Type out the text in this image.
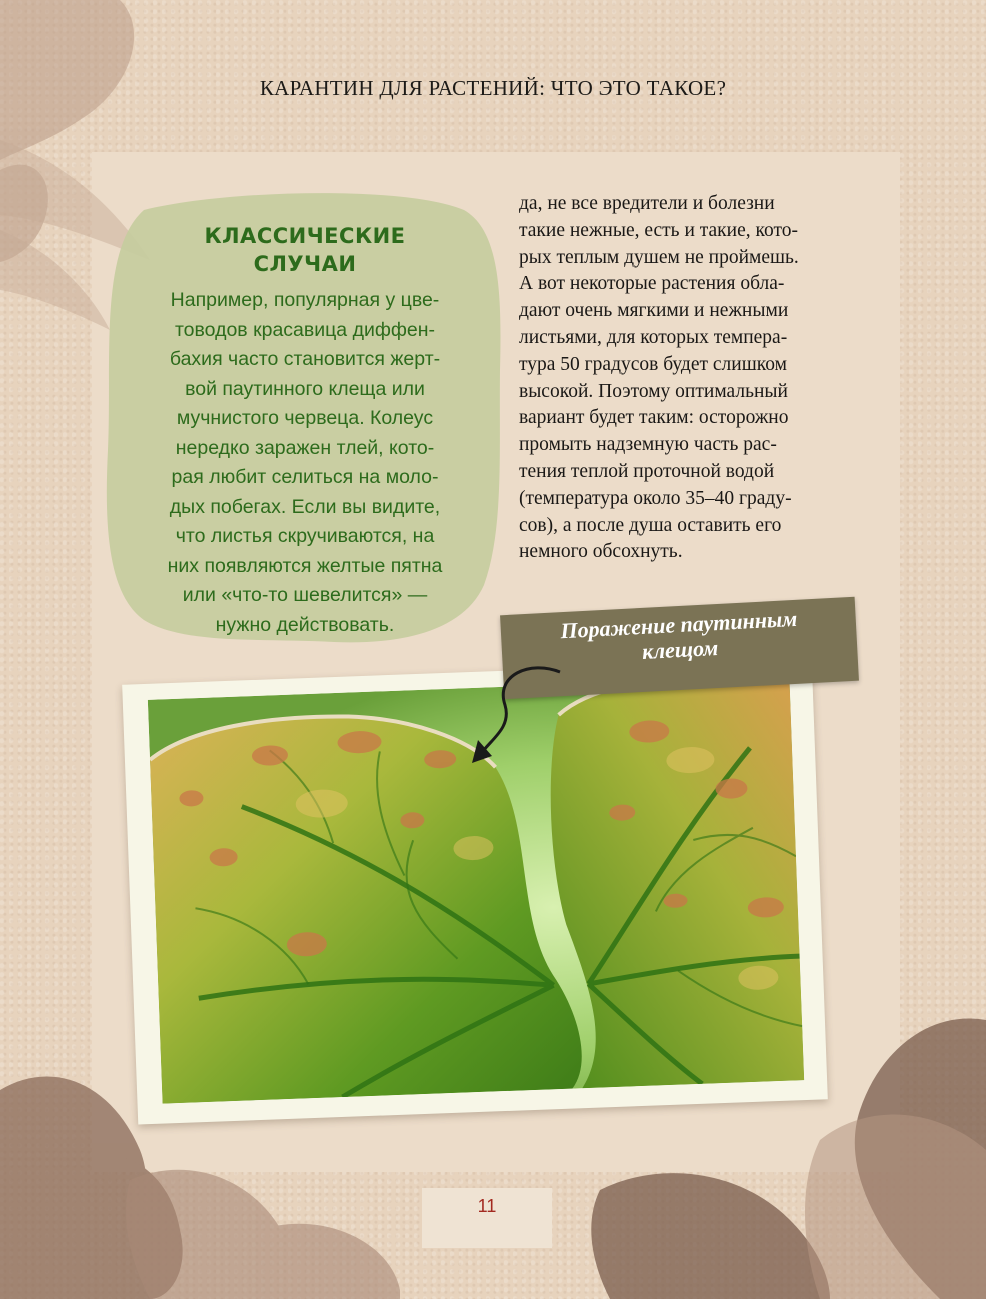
КАРАНТИН ДЛЯ РАСТЕНИЙ: ЧТО ЭТО ТАКОЕ?
КЛАССИЧЕСКИЕ
СЛУЧАИ
Например, популярная у цве-
товодов красавица диффен-
бахия часто становится жерт-
вой паутинного клеща или
мучнистого червеца. Колеус
нередко заражен тлей, кото-
рая любит селиться на моло-
дых побегах. Если вы видите,
что листья скручиваются, на
них появляются желтые пятна
или «что-то шевелится» —
нужно действовать.
да, не все вредители и болезни
такие нежные, есть и такие, кото-
рых теплым душем не проймешь.
А вот некоторые растения обла-
дают очень мягкими и нежными
листьями, для которых темпера-
тура 50 градусов будет слишком
высокой. Поэтому оптимальный
вариант будет таким: осторожно
промыть надземную часть рас-
тения теплой проточной водой
(температура около 35–40 граду-
сов), а после душа оставить его
немного обсохнуть.
Поражение паутинным
клещом
11
